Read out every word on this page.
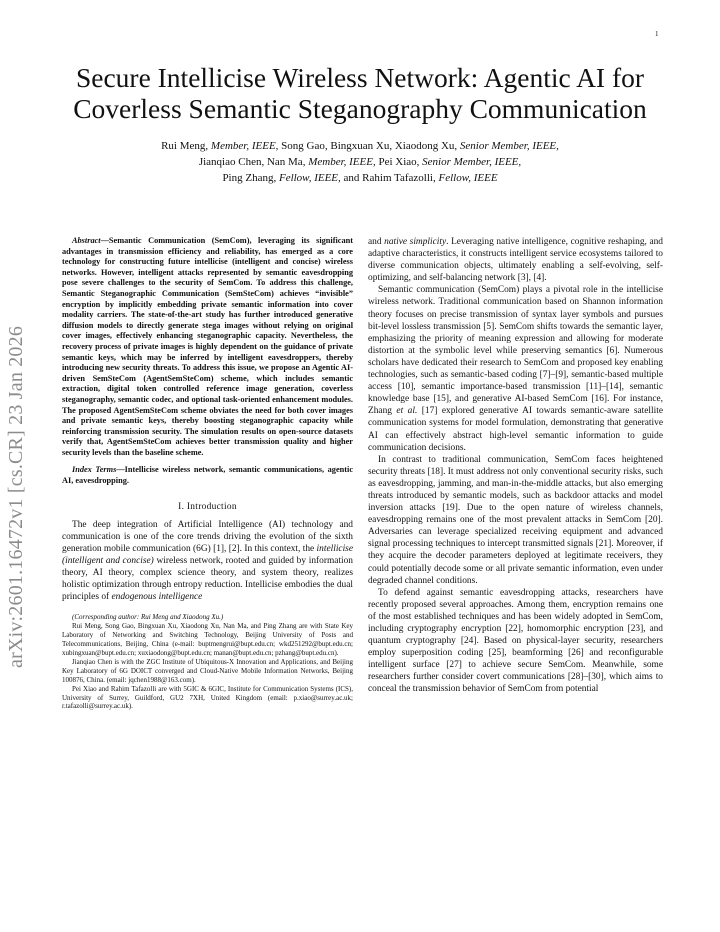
1
arXiv:2601.16472v1 [cs.CR] 23 Jan 2026
Secure Intellicise Wireless Network: Agentic AI for Coverless Semantic Steganography Communication
Rui Meng, Member, IEEE, Song Gao, Bingxuan Xu, Xiaodong Xu, Senior Member, IEEE,
Jianqiao Chen, Nan Ma, Member, IEEE, Pei Xiao, Senior Member, IEEE,
Ping Zhang, Fellow, IEEE, and Rahim Tafazolli, Fellow, IEEE
Abstract—Semantic Communication (SemCom), leveraging its significant advantages in transmission efficiency and reliability, has emerged as a core technology for constructing future intellicise (intelligent and concise) wireless networks. However, intelligent attacks represented by semantic eavesdropping pose severe challenges to the security of SemCom. To address this challenge, Semantic Steganographic Communication (SemSteCom) achieves “invisible” encryption by implicitly embedding private semantic information into cover modality carriers. The state-of-the-art study has further introduced generative diffusion models to directly generate stega images without relying on original cover images, effectively enhancing steganographic capacity. Nevertheless, the recovery process of private images is highly dependent on the guidance of private semantic keys, which may be inferred by intelligent eavesdroppers, thereby introducing new security threats. To address this issue, we propose an Agentic AI-driven SemSteCom (AgentSemSteCom) scheme, which includes semantic extraction, digital token controlled reference image generation, coverless steganography, semantic codec, and optional task-oriented enhancement modules. The proposed AgentSemSteCom scheme obviates the need for both cover images and private semantic keys, thereby boosting steganographic capacity while reinforcing transmission security. The simulation results on open-source datasets verify that, AgentSemSteCom achieves better transmission quality and higher security levels than the baseline scheme.
Index Terms—Intellicise wireless network, semantic communications, agentic AI, eavesdropping.
I. Introduction

The deep integration of Artificial Intelligence (AI) technology and communication is one of the core trends driving the evolution of the sixth generation mobile communication (6G) [1], [2]. In this context, the intellicise (intelligent and concise) wireless network, rooted and guided by information theory, AI theory, complex science theory, and system theory, realizes holistic optimization through entropy reduction. Intellicise embodies the dual principles of endogenous intelligence

(Corresponding author: Rui Meng and Xiaodong Xu.)

Rui Meng, Song Gao, Bingxuan Xu, Xiaodong Xu, Nan Ma, and Ping Zhang are with State Key Laboratory of Networking and Switching Technology, Beijing University of Posts and Telecommunications, Beijing, China (e-mail: buptmengrui@bupt.edu.cn; wkd251292@bupt.edu.cn; xubingxuan@bupt.edu.cn; xuxiaodong@bupt.edu.cn; manan@bupt.edu.cn; pzhang@bupt.edu.cn).

Jianqiao Chen is with the ZGC Institute of Ubiquitous-X Innovation and Applications, and Beijing Key Laboratory of 6G DOICT converged and Cloud-Native Mobile Information Networks, Beijing 100876, China. (email: jqchen1988@163.com).

Pei Xiao and Rahim Tafazolli are with 5GIC & 6GIC, Institute for Communication Systems (ICS), University of Surrey, Guildford, GU2 7XH, United Kingdom (email: p.xiao@surrey.ac.uk; r.tafazolli@surrey.ac.uk).

and native simplicity. Leveraging native intelligence, cognitive reshaping, and adaptive characteristics, it constructs intelligent service ecosystems tailored to diverse communication objects, ultimately enabling a self-evolving, self-optimizing, and self-balancing network [3], [4].

Semantic communication (SemCom) plays a pivotal role in the intellicise wireless network. Traditional communication based on Shannon information theory focuses on precise transmission of syntax layer symbols and pursues bit-level lossless transmission [5]. SemCom shifts towards the semantic layer, emphasizing the priority of meaning expression and allowing for moderate distortion at the symbolic level while preserving semantics [6]. Numerous scholars have dedicated their research to SemCom and proposed key enabling technologies, such as semantic-based coding [7]–[9], semantic-based multiple access [10], semantic importance-based transmission [11]–[14], semantic knowledge base [15], and generative AI-based SemCom [16]. For instance, Zhang et al. [17] explored generative AI towards semantic-aware satellite communication systems for model formulation, demonstrating that generative AI can effectively abstract high-level semantic information to guide communication decisions.

In contrast to traditional communication, SemCom faces heightened security threats [18]. It must address not only conventional security risks, such as eavesdropping, jamming, and man-in-the-middle attacks, but also emerging threats introduced by semantic models, such as backdoor attacks and model inversion attacks [19]. Due to the open nature of wireless channels, eavesdropping remains one of the most prevalent attacks in SemCom [20]. Adversaries can leverage specialized receiving equipment and advanced signal processing techniques to intercept transmitted signals [21]. Moreover, if they acquire the decoder parameters deployed at legitimate receivers, they could potentially decode some or all private semantic information, even under degraded channel conditions.

To defend against semantic eavesdropping attacks, researchers have recently proposed several approaches. Among them, encryption remains one of the most established techniques and has been widely adopted in SemCom, including cryptography encryption [22], homomorphic encryption [23], and quantum cryptography [24]. Based on physical-layer security, researchers employ superposition coding [25], beamforming [26] and reconfigurable intelligent surface [27] to achieve secure SemCom. Meanwhile, some researchers further consider covert communications [28]–[30], which aims to conceal the transmission behavior of SemCom from potential
